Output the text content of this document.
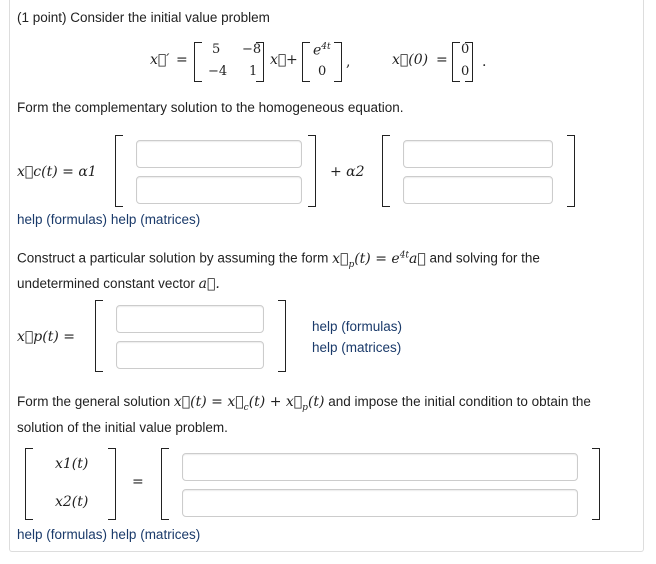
(1 point) Consider the initial value problem
x⃗′ =
5 −8
−4 1
x⃗ +
$e^{4t}$
0
,	x⃗(0) =
0
0
.
Form the complementary solution to the homogeneous equation.
x⃗c(t) = α1	+ α2
help (formulas) help (matrices)
Construct a particular solution by assuming the form $x⃗_p(t)$ = $e^{4t}a⃗$ and solving for the
undetermined constant vector a⃗.
x⃗p(t) =
help (formulas)
help (matrices)
Form the general solution x⃗(t) = $x⃗_c(t)$ + $x⃗_p(t)$ and impose the initial condition to obtain the
solution of the initial value problem.
x1(t)
x2(t)
=
help (formulas) help (matrices)
